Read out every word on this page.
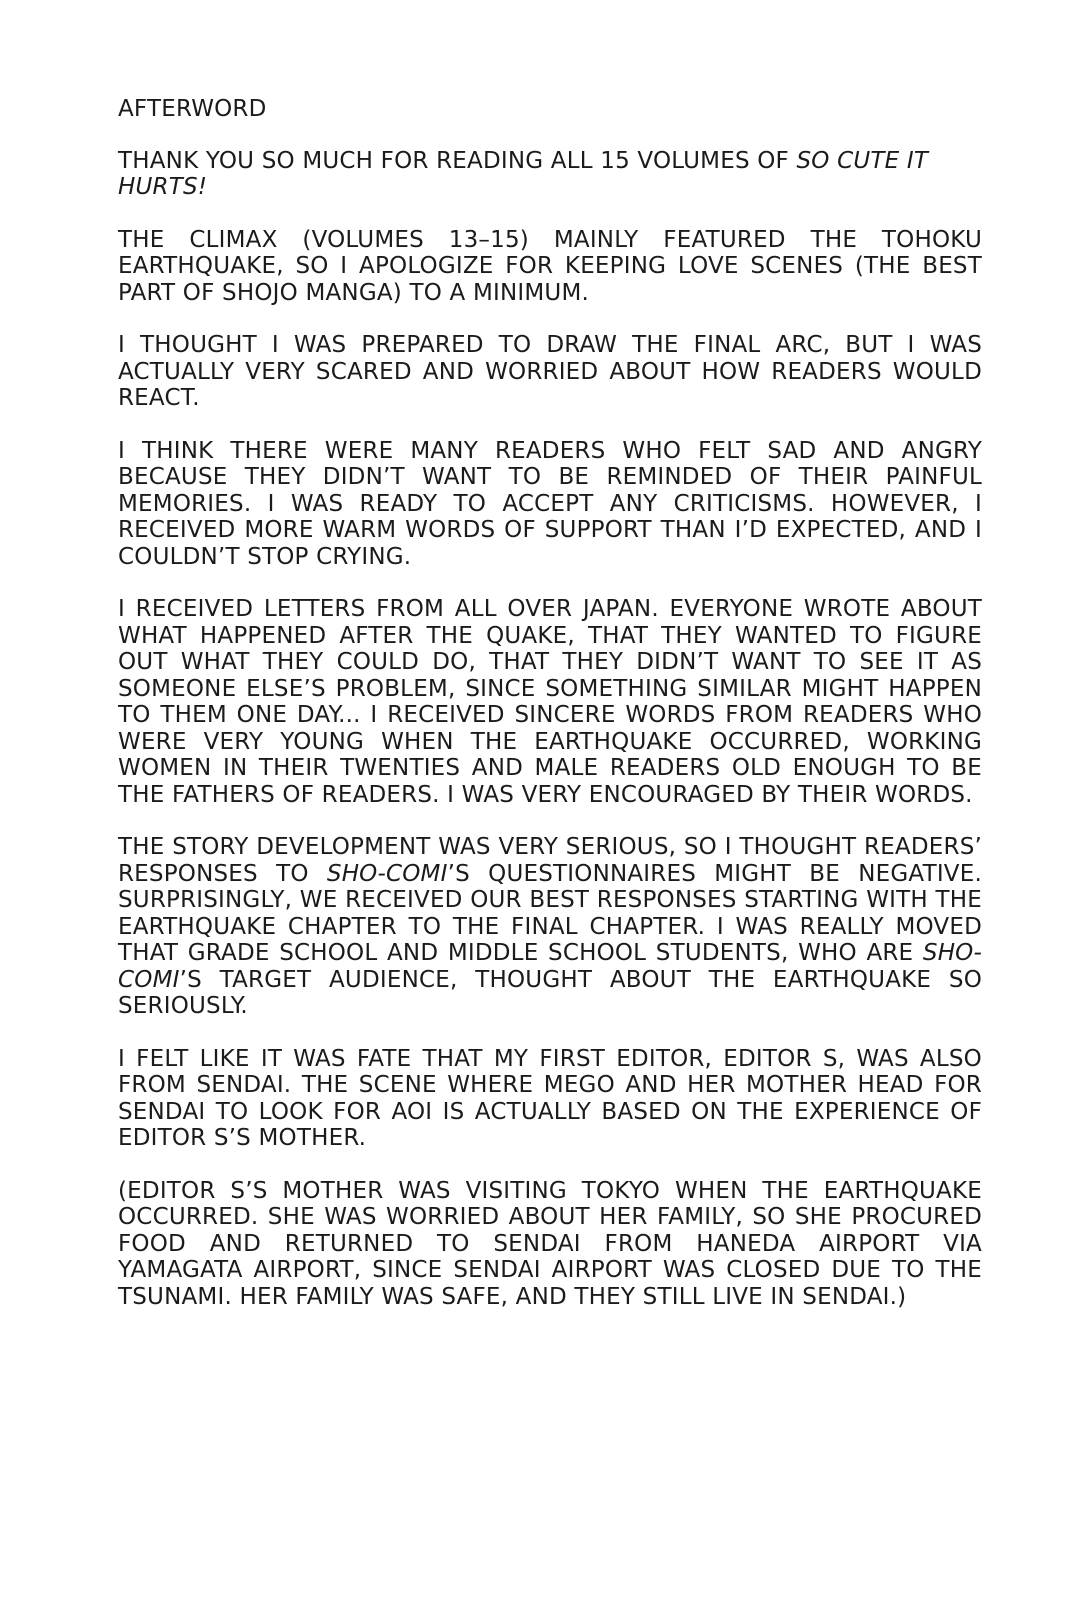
AFTERWORD

THANK YOU SO MUCH FOR READING ALL 15 VOLUMES OF SO CUTE IT HURTS!

THE CLIMAX (VOLUMES 13–15) MAINLY FEATURED THE TOHOKU EARTHQUAKE, SO I APOLOGIZE FOR KEEPING LOVE SCENES (THE BEST PART OF SHOJO MANGA) TO A MINIMUM.

I THOUGHT I WAS PREPARED TO DRAW THE FINAL ARC, BUT I WAS ACTUALLY VERY SCARED AND WORRIED ABOUT HOW READERS WOULD REACT.

I THINK THERE WERE MANY READERS WHO FELT SAD AND ANGRY BECAUSE THEY DIDN’T WANT TO BE REMINDED OF THEIR PAINFUL MEMORIES. I WAS READY TO ACCEPT ANY CRITICISMS. HOWEVER, I RECEIVED MORE WARM WORDS OF SUPPORT THAN I’D EXPECTED, AND I COULDN’T STOP CRYING.

I RECEIVED LETTERS FROM ALL OVER JAPAN. EVERYONE WROTE ABOUT WHAT HAPPENED AFTER THE QUAKE, THAT THEY WANTED TO FIGURE OUT WHAT THEY COULD DO, THAT THEY DIDN’T WANT TO SEE IT AS SOMEONE ELSE’S PROBLEM, SINCE SOMETHING SIMILAR MIGHT HAPPEN TO THEM ONE DAY... I RECEIVED SINCERE WORDS FROM READERS WHO WERE VERY YOUNG WHEN THE EARTHQUAKE OCCURRED, WORKING WOMEN IN THEIR TWENTIES AND MALE READERS OLD ENOUGH TO BE THE FATHERS OF READERS. I WAS VERY ENCOURAGED BY THEIR WORDS.

THE STORY DEVELOPMENT WAS VERY SERIOUS, SO I THOUGHT READERS’ RESPONSES TO SHO-COMI’S QUESTIONNAIRES MIGHT BE NEGATIVE. SURPRISINGLY, WE RECEIVED OUR BEST RESPONSES STARTING WITH THE EARTHQUAKE CHAPTER TO THE FINAL CHAPTER. I WAS REALLY MOVED THAT GRADE SCHOOL AND MIDDLE SCHOOL STUDENTS, WHO ARE SHO-COMI’S TARGET AUDIENCE, THOUGHT ABOUT THE EARTHQUAKE SO SERIOUSLY.

I FELT LIKE IT WAS FATE THAT MY FIRST EDITOR, EDITOR S, WAS ALSO FROM SENDAI. THE SCENE WHERE MEGO AND HER MOTHER HEAD FOR SENDAI TO LOOK FOR AOI IS ACTUALLY BASED ON THE EXPERIENCE OF EDITOR S’S MOTHER.

(EDITOR S’S MOTHER WAS VISITING TOKYO WHEN THE EARTHQUAKE OCCURRED. SHE WAS WORRIED ABOUT HER FAMILY, SO SHE PROCURED FOOD AND RETURNED TO SENDAI FROM HANEDA AIRPORT VIA YAMAGATA AIRPORT, SINCE SENDAI AIRPORT WAS CLOSED DUE TO THE TSUNAMI. HER FAMILY WAS SAFE, AND THEY STILL LIVE IN SENDAI.)
